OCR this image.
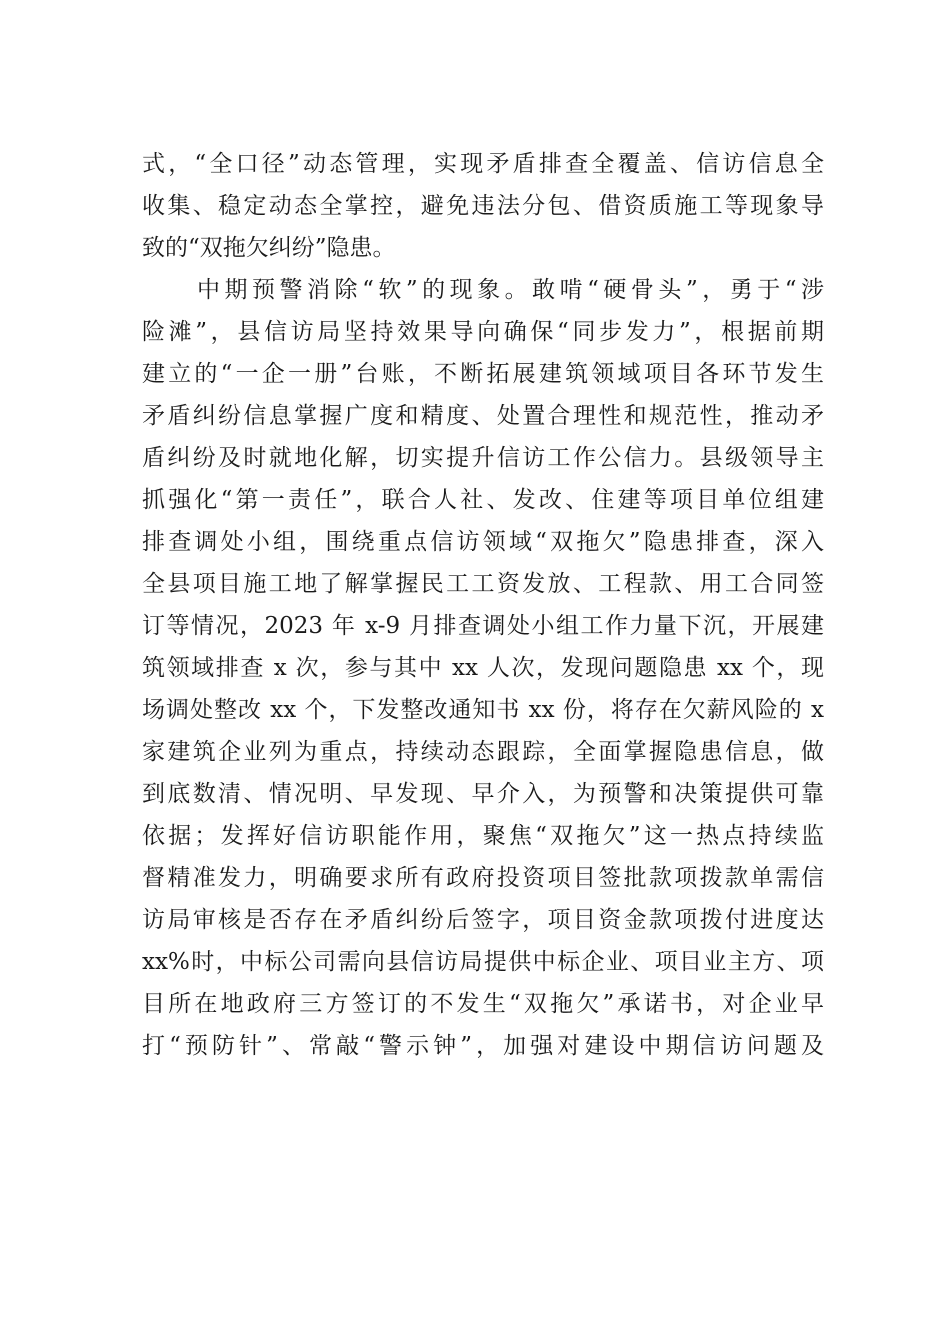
式，“全口径”动态管理，实现矛盾排查全覆盖、信访信息全
收集、稳定动态全掌控，避免违法分包、借资质施工等现象导
致的“双拖欠纠纷”隐患。
　　中期预警消除“软”的现象。敢啃“硬骨头”，勇于“涉
险滩”，县信访局坚持效果导向确保“同步发力”，根据前期
建立的“一企一册”台账，不断拓展建筑领域项目各环节发生
矛盾纠纷信息掌握广度和精度、处置合理性和规范性，推动矛
盾纠纷及时就地化解，切实提升信访工作公信力。县级领导主
抓强化“第一责任”，联合人社、发改、住建等项目单位组建
排查调处小组，围绕重点信访领域“双拖欠”隐患排查，深入
全县项目施工地了解掌握民工工资发放、工程款、用工合同签
订等情况，2023 年 x-9 月排查调处小组工作力量下沉，开展建
筑领域排查 x 次，参与其中 xx 人次，发现问题隐患 xx 个，现
场调处整改 xx 个，下发整改通知书 xx 份，将存在欠薪风险的 x
家建筑企业列为重点，持续动态跟踪，全面掌握隐患信息，做
到底数清、情况明、早发现、早介入，为预警和决策提供可靠
依据；发挥好信访职能作用，聚焦“双拖欠”这一热点持续监
督精准发力，明确要求所有政府投资项目签批款项拨款单需信
访局审核是否存在矛盾纠纷后签字，项目资金款项拨付进度达
xx%时，中标公司需向县信访局提供中标企业、项目业主方、项
目所在地政府三方签订的不发生“双拖欠”承诺书，对企业早
打“预防针”、常敲“警示钟”，加强对建设中期信访问题及
